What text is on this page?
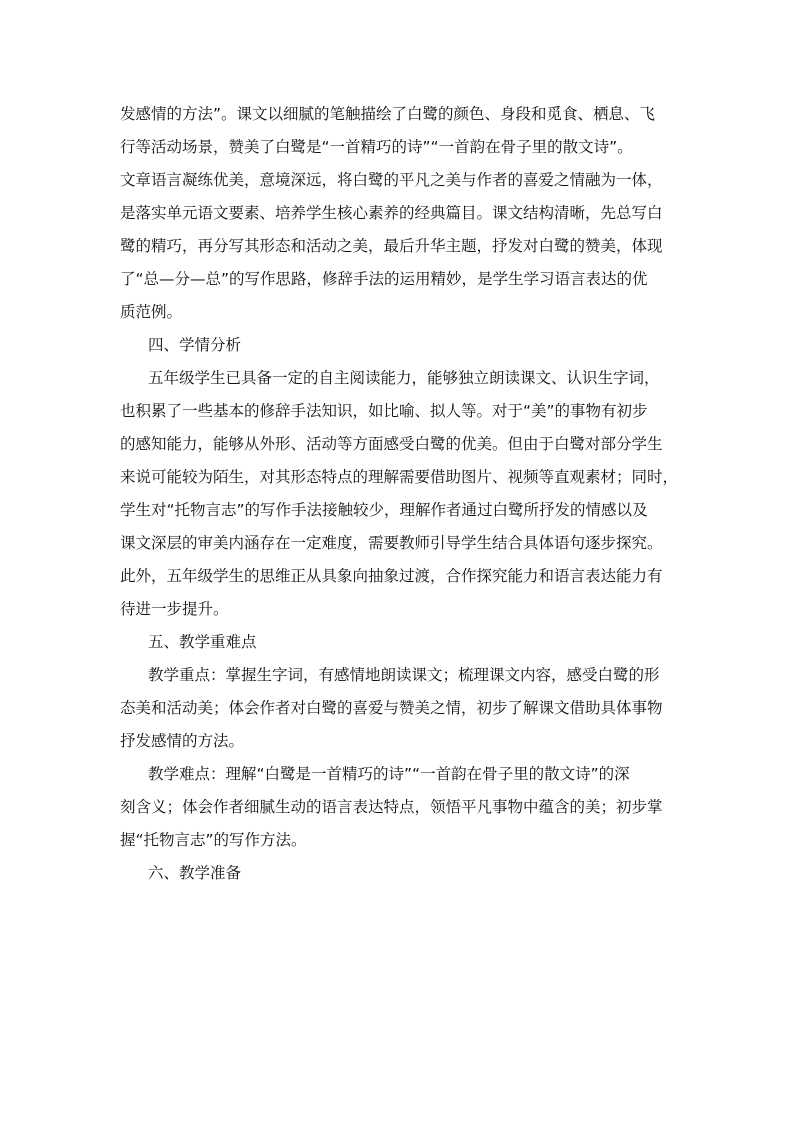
发感情的方法”。课文以细腻的笔触描绘了白鹭的颜色、身段和觅食、栖息、飞
行等活动场景，赞美了白鹭是“一首精巧的诗”“一首韵在骨子里的散文诗”。
文章语言凝练优美，意境深远，将白鹭的平凡之美与作者的喜爱之情融为一体，
是落实单元语文要素、培养学生核心素养的经典篇目。课文结构清晰，先总写白
鹭的精巧，再分写其形态和活动之美，最后升华主题，抒发对白鹭的赞美，体现
了“总—分—总”的写作思路，修辞手法的运用精妙，是学生学习语言表达的优
质范例。
四、学情分析
五年级学生已具备一定的自主阅读能力，能够独立朗读课文、认识生字词，
也积累了一些基本的修辞手法知识，如比喻、拟人等。对于“美”的事物有初步
的感知能力，能够从外形、活动等方面感受白鹭的优美。但由于白鹭对部分学生
来说可能较为陌生，对其形态特点的理解需要借助图片、视频等直观素材；同时，
学生对“托物言志”的写作手法接触较少，理解作者通过白鹭所抒发的情感以及
课文深层的审美内涵存在一定难度，需要教师引导学生结合具体语句逐步探究。
此外，五年级学生的思维正从具象向抽象过渡，合作探究能力和语言表达能力有
待进一步提升。
五、教学重难点
教学重点：掌握生字词，有感情地朗读课文；梳理课文内容，感受白鹭的形
态美和活动美；体会作者对白鹭的喜爱与赞美之情，初步了解课文借助具体事物
抒发感情的方法。
教学难点：理解“白鹭是一首精巧的诗”“一首韵在骨子里的散文诗”的深
刻含义；体会作者细腻生动的语言表达特点，领悟平凡事物中蕴含的美；初步掌
握“托物言志”的写作方法。
六、教学准备
